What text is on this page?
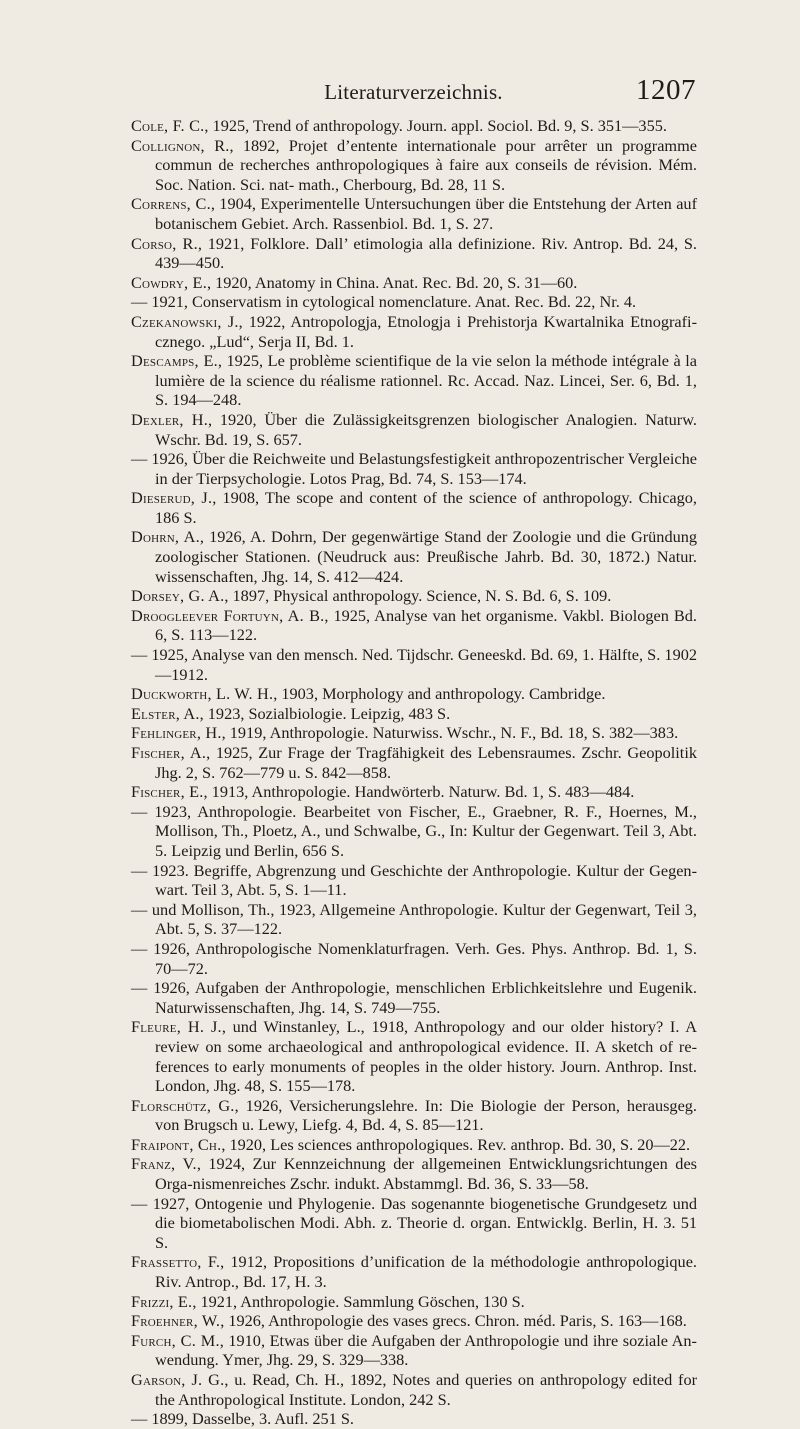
Literaturverzeichnis.	1207

Cole, F. C., 1925, Trend of anthropology. Journ. appl. Sociol. Bd. 9, S. 351—355.

Collignon, R., 1892, Projet d’entente internationale pour arrêter un programme commun de recherches anthropologiques à faire aux conseils de révision. Mém. Soc. Nation. Sci. nat- math., Cherbourg, Bd. 28, 11 S.

Correns, C., 1904, Experimentelle Untersuchungen über die Entstehung der Arten auf botanischem Gebiet. Arch. Rassenbiol. Bd. 1, S. 27.

Corso, R., 1921, Folklore. Dall’ etimologia alla definizione. Riv. Antrop. Bd. 24, S. 439—450.

Cowdry, E., 1920, Anatomy in China. Anat. Rec. Bd. 20, S. 31—60.

— 1921, Conservatism in cytological nomenclature. Anat. Rec. Bd. 22, Nr. 4.

Czekanowski, J., 1922, Antropologja, Etnologja i Prehistorja Kwartalnika Etnografi-cznego. „Lud“, Serja II, Bd. 1.

Descamps, E., 1925, Le problème scientifique de la vie selon la méthode intégrale à la lumière de la science du réalisme rationnel. Rc. Accad. Naz. Lincei, Ser. 6, Bd. 1, S. 194—248.

Dexler, H., 1920, Über die Zulässigkeitsgrenzen biologischer Analogien. Naturw. Wschr. Bd. 19, S. 657.

— 1926, Über die Reichweite und Belastungsfestigkeit anthropozentrischer Vergleiche in der Tierpsychologie. Lotos Prag, Bd. 74, S. 153—174.

Dieserud, J., 1908, The scope and content of the science of anthropology. Chicago, 186 S.

Dohrn, A., 1926, A. Dohrn, Der gegenwärtige Stand der Zoologie und die Gründung zoologischer Stationen. (Neudruck aus: Preußische Jahrb. Bd. 30, 1872.) Natur. wissenschaften, Jhg. 14, S. 412—424.

Dorsey, G. A., 1897, Physical anthropology. Science, N. S. Bd. 6, S. 109.

Droogleever Fortuyn, A. B., 1925, Analyse van het organisme. Vakbl. Biologen Bd. 6, S. 113—122.

— 1925, Analyse van den mensch. Ned. Tijdschr. Geneeskd. Bd. 69, 1. Hälfte, S. 1902—1912.

Duckworth, L. W. H., 1903, Morphology and anthropology. Cambridge.

Elster, A., 1923, Sozialbiologie. Leipzig, 483 S.

Fehlinger, H., 1919, Anthropologie. Naturwiss. Wschr., N. F., Bd. 18, S. 382—383.

Fischer, A., 1925, Zur Frage der Tragfähigkeit des Lebensraumes. Zschr. Geopolitik Jhg. 2, S. 762—779 u. S. 842—858.

Fischer, E., 1913, Anthropologie. Handwörterb. Naturw. Bd. 1, S. 483—484.

— 1923, Anthropologie. Bearbeitet von Fischer, E., Graebner, R. F., Hoernes, M., Mollison, Th., Ploetz, A., und Schwalbe, G., In: Kultur der Gegenwart. Teil 3, Abt. 5. Leipzig und Berlin, 656 S.

— 1923. Begriffe, Abgrenzung und Geschichte der Anthropologie. Kultur der Gegen-wart. Teil 3, Abt. 5, S. 1—11.

— und Mollison, Th., 1923, Allgemeine Anthropologie. Kultur der Gegenwart, Teil 3, Abt. 5, S. 37—122.

— 1926, Anthropologische Nomenklaturfragen. Verh. Ges. Phys. Anthrop. Bd. 1, S. 70—72.

— 1926, Aufgaben der Anthropologie, menschlichen Erblichkeitslehre und Eugenik. Naturwissenschaften, Jhg. 14, S. 749—755.

Fleure, H. J., und Winstanley, L., 1918, Anthropology and our older history? I. A review on some archaeological and anthropological evidence. II. A sketch of re-ferences to early monuments of peoples in the older history. Journ. Anthrop. Inst. London, Jhg. 48, S. 155—178.

Florschütz, G., 1926, Versicherungslehre. In: Die Biologie der Person, herausgeg. von Brugsch u. Lewy, Liefg. 4, Bd. 4, S. 85—121.

Fraipont, Ch., 1920, Les sciences anthropologiques. Rev. anthrop. Bd. 30, S. 20—22.

Franz, V., 1924, Zur Kennzeichnung der allgemeinen Entwicklungsrichtungen des Orga-nismenreiches Zschr. indukt. Abstammgl. Bd. 36, S. 33—58.

— 1927, Ontogenie und Phylogenie. Das sogenannte biogenetische Grundgesetz und die biometabolischen Modi. Abh. z. Theorie d. organ. Entwicklg. Berlin, H. 3. 51 S.

Frassetto, F., 1912, Propositions d’unification de la méthodologie anthropologique. Riv. Antrop., Bd. 17, H. 3.

Frizzi, E., 1921, Anthropologie. Sammlung Göschen, 130 S.

Froehner, W., 1926, Anthropologie des vases grecs. Chron. méd. Paris, S. 163—168.

Furch, C. M., 1910, Etwas über die Aufgaben der Anthropologie und ihre soziale An-wendung. Ymer, Jhg. 29, S. 329—338.

Garson, J. G., u. Read, Ch. H., 1892, Notes and queries on anthropology edited for the Anthropological Institute. London, 242 S.

— 1899, Dasselbe, 3. Aufl. 251 S.
